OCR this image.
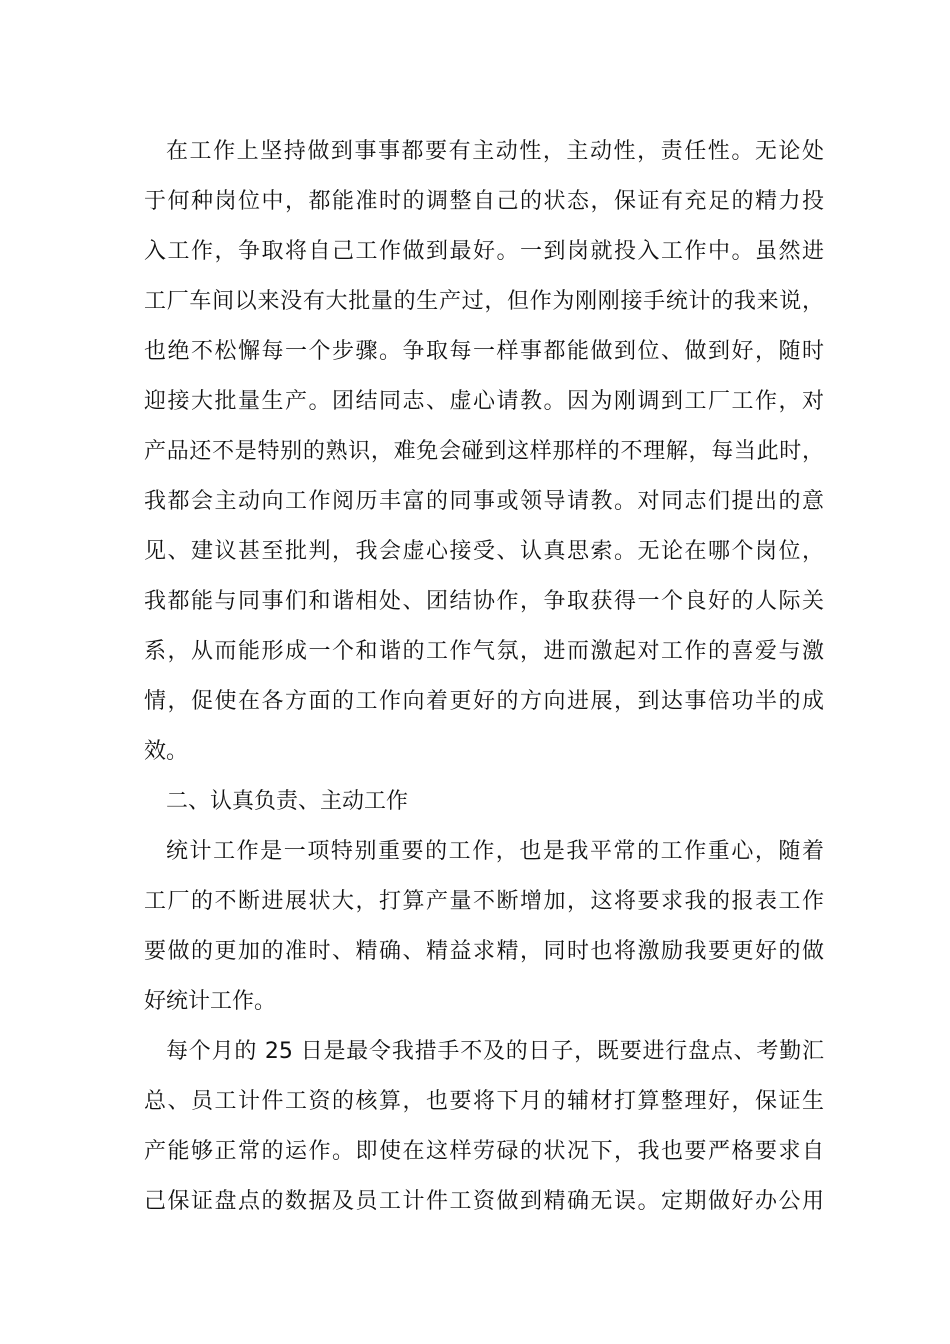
在工作上坚持做到事事都要有主动性，主动性，责任性。无论处
于何种岗位中，都能准时的调整自己的状态，保证有充足的精力投
入工作，争取将自己工作做到最好。一到岗就投入工作中。虽然进
工厂车间以来没有大批量的生产过，但作为刚刚接手统计的我来说，
也绝不松懈每一个步骤。争取每一样事都能做到位、做到好，随时
迎接大批量生产。团结同志、虚心请教。因为刚调到工厂工作，对
产品还不是特别的熟识，难免会碰到这样那样的不理解，每当此时，
我都会主动向工作阅历丰富的同事或领导请教。对同志们提出的意
见、建议甚至批判，我会虚心接受、认真思索。无论在哪个岗位，
我都能与同事们和谐相处、团结协作，争取获得一个良好的人际关
系，从而能形成一个和谐的工作气氛，进而激起对工作的喜爱与激
情，促使在各方面的工作向着更好的方向进展，到达事倍功半的成
效。
二、认真负责、主动工作
统计工作是一项特别重要的工作，也是我平常的工作重心，随着
工厂的不断进展状大，打算产量不断增加，这将要求我的报表工作
要做的更加的准时、精确、精益求精，同时也将激励我要更好的做
好统计工作。
每个月的 25 日是最令我措手不及的日子，既要进行盘点、考勤汇
总、员工计件工资的核算，也要将下月的辅材打算整理好，保证生
产能够正常的运作。即使在这样劳碌的状况下，我也要严格要求自
己保证盘点的数据及员工计件工资做到精确无误。定期做好办公用
